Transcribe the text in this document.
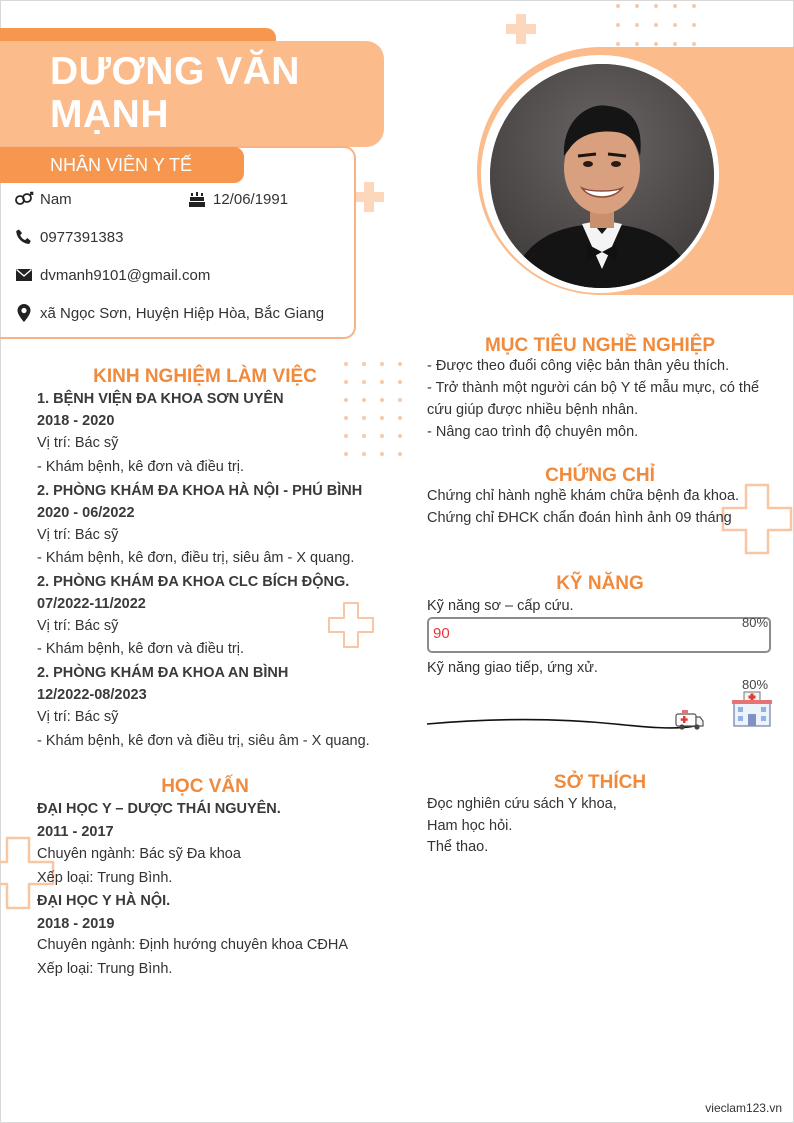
DƯƠNG VĂN
MẠNH
NHÂN VIÊN Y TẾ
Nam	12/06/1991
0977391383
dvmanh9101@gmail.com
xã Ngọc Sơn, Huyện Hiệp Hòa, Bắc Giang
KINH NGHIỆM LÀM VIỆC
1. BỆNH VIỆN ĐA KHOA SƠN UYÊN
2018 - 2020
Vị trí: Bác sỹ
- Khám bệnh, kê đơn và điều trị.
2. PHÒNG KHÁM ĐA KHOA HÀ NỘI - PHÚ BÌNH
2020 - 06/2022
Vị trí: Bác sỹ
- Khám bệnh, kê đơn, điều trị, siêu âm - X quang.
2. PHÒNG KHÁM ĐA KHOA CLC BÍCH ĐỘNG.
07/2022-11/2022
Vị trí: Bác sỹ
- Khám bệnh, kê đơn và điều trị.
2. PHÒNG KHÁM ĐA KHOA AN BÌNH
12/2022-08/2023
Vị trí: Bác sỹ
- Khám bệnh, kê đơn và điều trị, siêu âm - X quang.
HỌC VẤN
ĐẠI HỌC Y – DƯỢC THÁI NGUYÊN.
2011 - 2017
Chuyên ngành: Bác sỹ Đa khoa
Xếp loại: Trung Bình.
ĐẠI HỌC Y HÀ NỘI.
2018 - 2019
Chuyên ngành: Định hướng chuyên khoa CĐHA
Xếp loại: Trung Bình.
MỤC TIÊU NGHỀ NGHIỆP
- Được theo đuổi công việc bản thân yêu thích.
- Trở thành một người cán bộ Y tế mẫu mực, có thể
cứu giúp được nhiều bệnh nhân.
- Nâng cao trình độ chuyên môn.
CHỨNG CHỈ
Chứng chỉ hành nghề khám chữa bệnh đa khoa.
Chứng chỉ ĐHCK chẩn đoán hình ảnh 09 tháng
KỸ NĂNG
Kỹ năng sơ – cấp cứu.
90
80%
Kỹ năng giao tiếp, ứng xử.
80%
SỞ THÍCH
Đọc nghiên cứu sách Y khoa,
Ham học hỏi.
Thể thao.
vieclam123.vn
